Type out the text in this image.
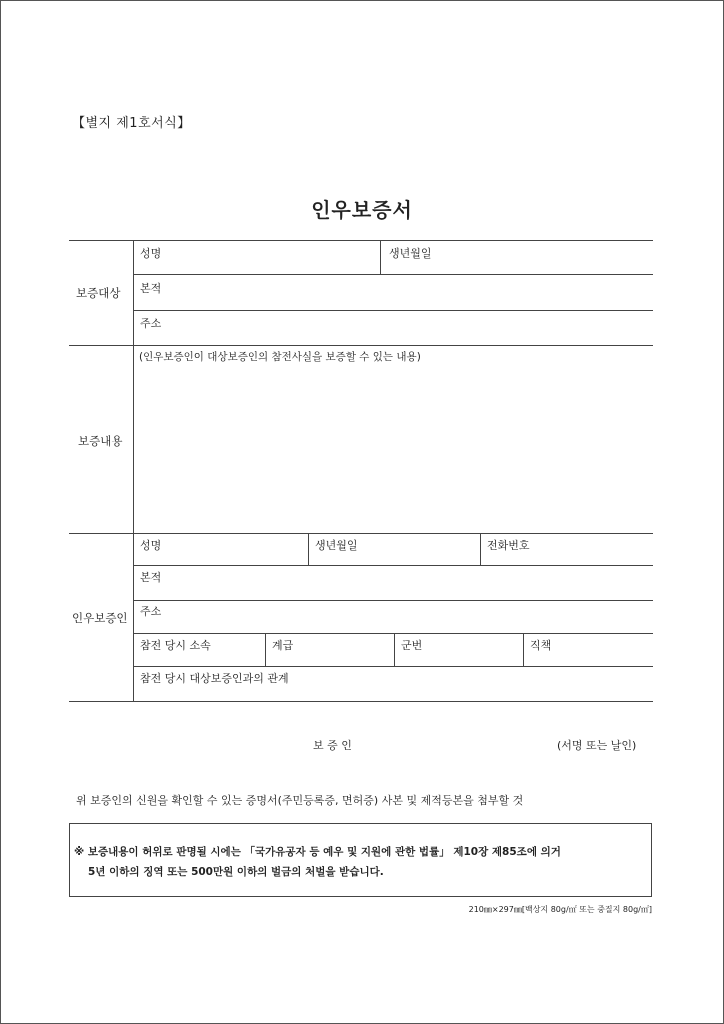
【별지 제1호서식】
인우보증서
보증대상
성명	생년월일
본적
주소
보증내용
(인우보증인이 대상보증인의 참전사실을 보증할 수 있는 내용)
인우보증인
성명	생년월일	전화번호
본적
주소
참전 당시 소속	계급	군번	직책
참전 당시 대상보증인과의 관계
보 증 인	(서명 또는 날인)
위 보증인의 신원을 확인할 수 있는 증명서(주민등록증, 면허증) 사본 및 제적등본을 첨부할 것
※ 보증내용이 허위로 판명될 시에는 「국가유공자 등 예우 및 지원에 관한 법률」 제10장 제85조에 의거
5년 이하의 징역 또는 500만원 이하의 벌금의 처벌을 받습니다.
210㎜×297㎜[백상지 80g/㎡ 또는 중질지 80g/㎡]
